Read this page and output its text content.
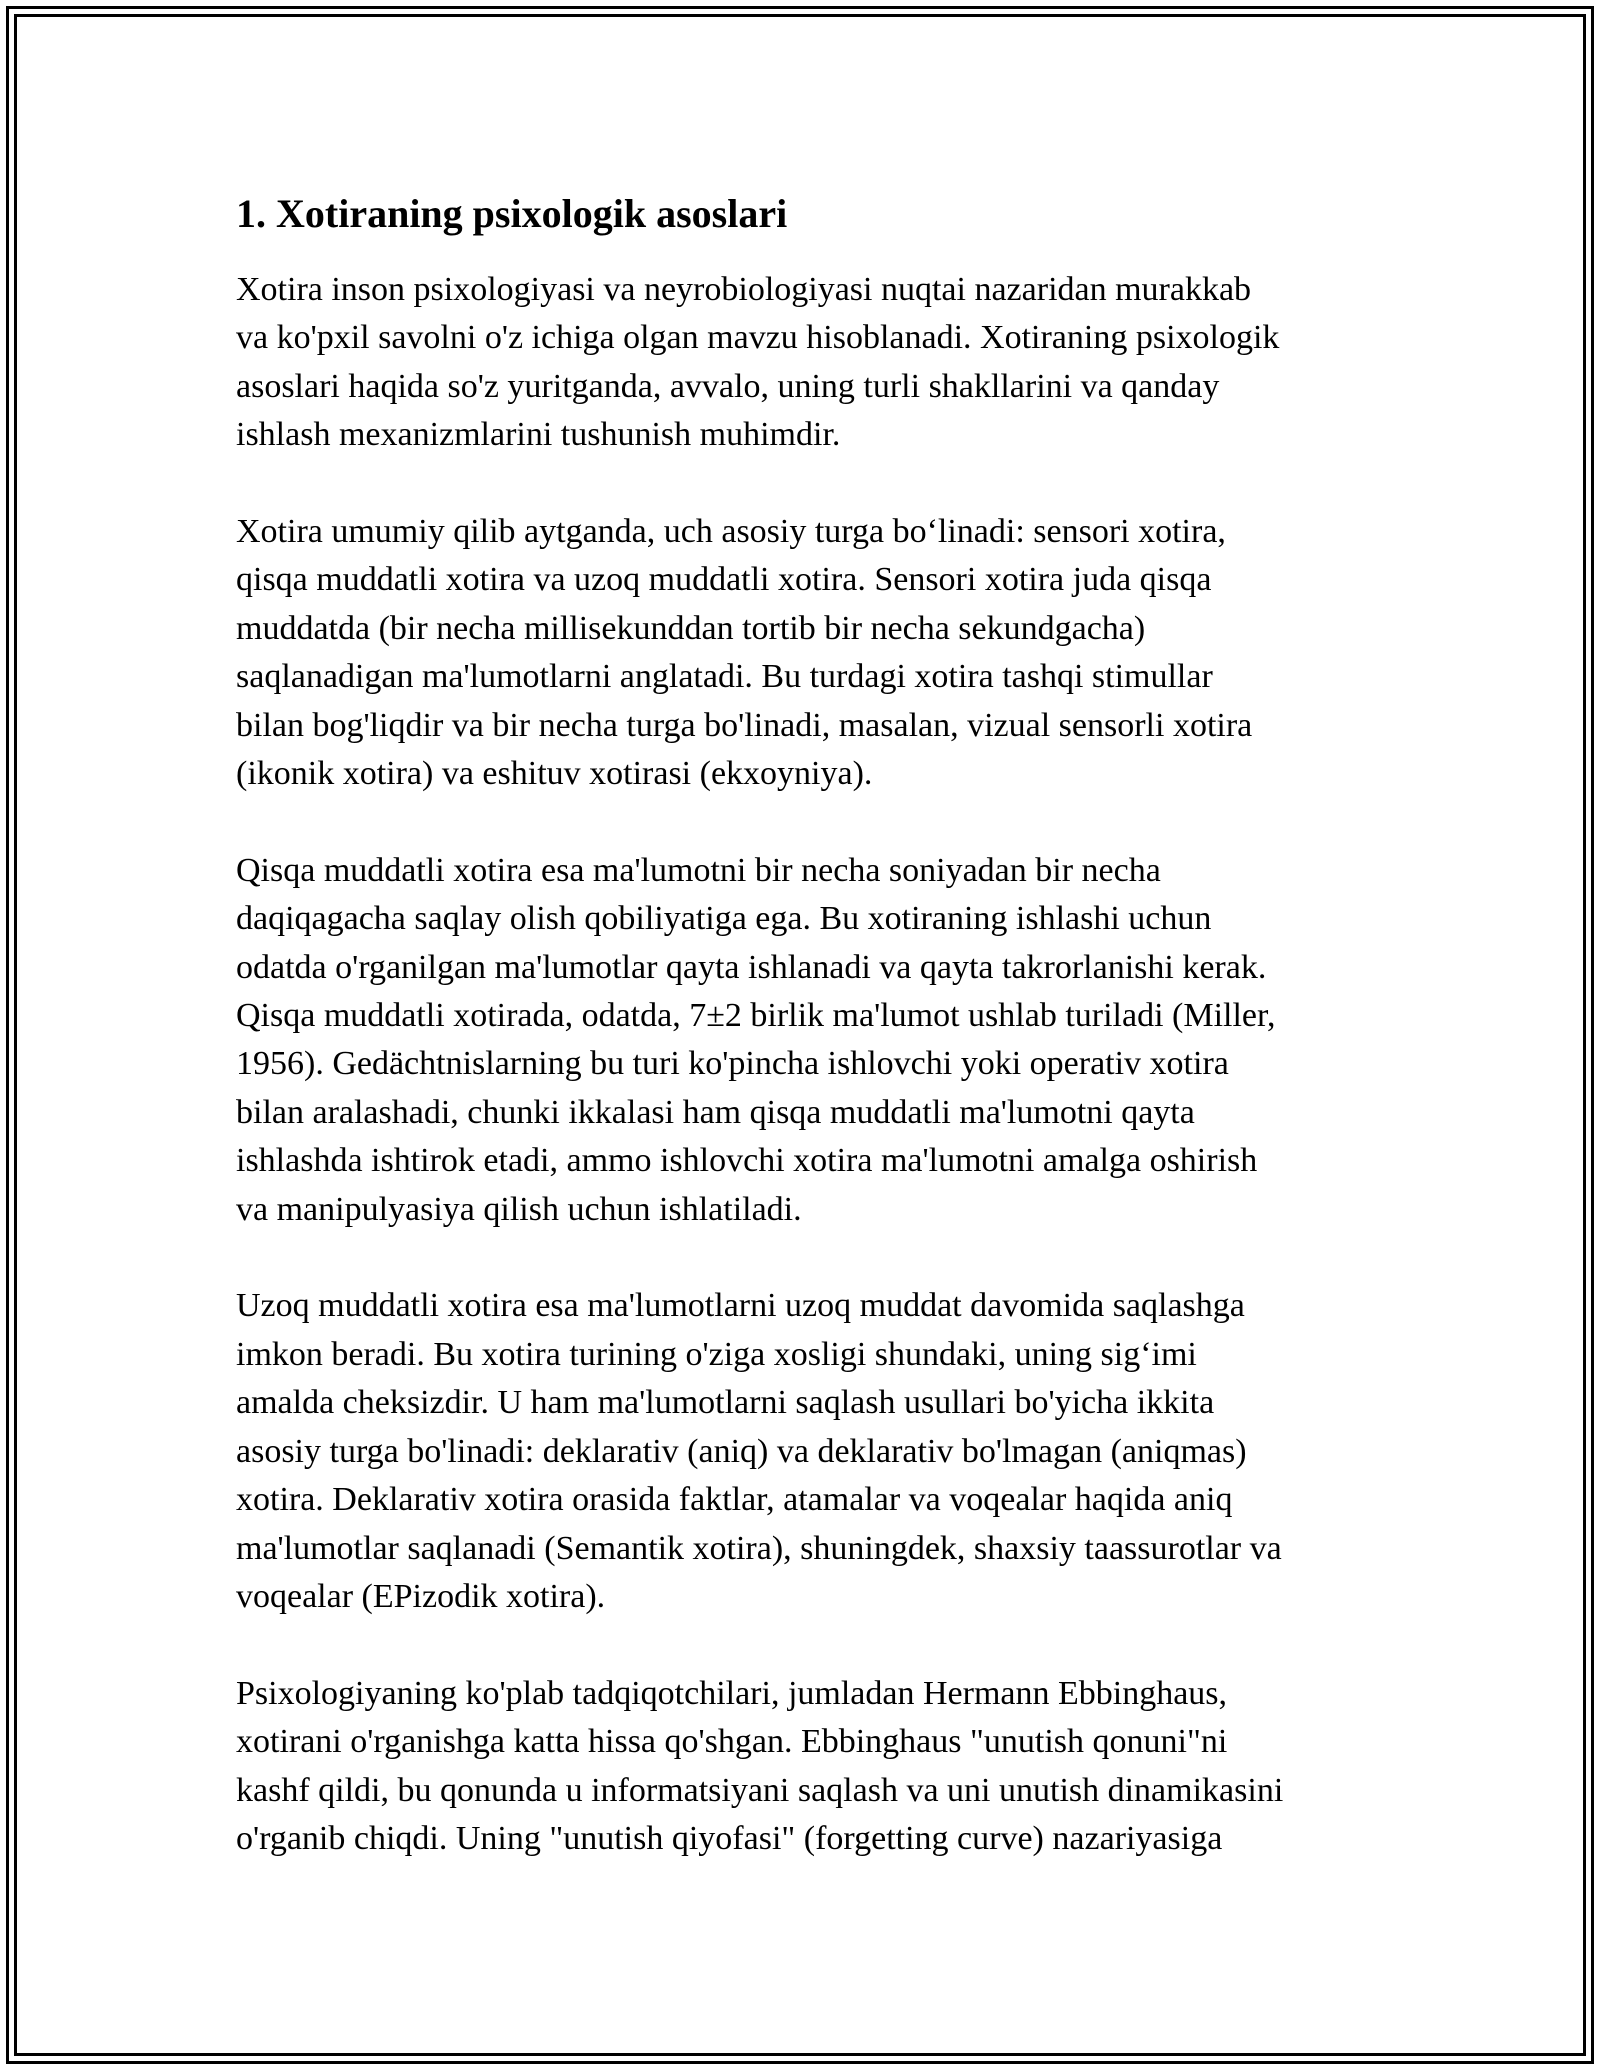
1. Xotiraning psixologik asoslari

Xotira inson psixologiyasi va neyrobiologiyasi nuqtai nazaridan murakkab
va ko'pxil savolni o'z ichiga olgan mavzu hisoblanadi. Xotiraning psixologik
asoslari haqida so'z yuritganda, avvalo, uning turli shakllarini va qanday
ishlash mexanizmlarini tushunish muhimdir.

Xotira umumiy qilib aytganda, uch asosiy turga bo‘linadi: sensori xotira,
qisqa muddatli xotira va uzoq muddatli xotira. Sensori xotira juda qisqa
muddatda (bir necha millisekunddan tortib bir necha sekundgacha)
saqlanadigan ma'lumotlarni anglatadi. Bu turdagi xotira tashqi stimullar
bilan bog'liqdir va bir necha turga bo'linadi, masalan, vizual sensorli xotira
(ikonik xotira) va eshituv xotirasi (ekxoyniya).

Qisqa muddatli xotira esa ma'lumotni bir necha soniyadan bir necha
daqiqagacha saqlay olish qobiliyatiga ega. Bu xotiraning ishlashi uchun
odatda o'rganilgan ma'lumotlar qayta ishlanadi va qayta takrorlanishi kerak.
Qisqa muddatli xotirada, odatda, 7±2 birlik ma'lumot ushlab turiladi (Miller,
1956). Gedächtnislarning bu turi ko'pincha ishlovchi yoki operativ xotira
bilan aralashadi, chunki ikkalasi ham qisqa muddatli ma'lumotni qayta
ishlashda ishtirok etadi, ammo ishlovchi xotira ma'lumotni amalga oshirish
va manipulyasiya qilish uchun ishlatiladi.

Uzoq muddatli xotira esa ma'lumotlarni uzoq muddat davomida saqlashga
imkon beradi. Bu xotira turining o'ziga xosligi shundaki, uning sig‘imi
amalda cheksizdir. U ham ma'lumotlarni saqlash usullari bo'yicha ikkita
asosiy turga bo'linadi: deklarativ (aniq) va deklarativ bo'lmagan (aniqmas)
xotira. Deklarativ xotira orasida faktlar, atamalar va voqealar haqida aniq
ma'lumotlar saqlanadi (Semantik xotira), shuningdek, shaxsiy taassurotlar va
voqealar (EPizodik xotira).

Psixologiyaning ko'plab tadqiqotchilari, jumladan Hermann Ebbinghaus,
xotirani o'rganishga katta hissa qo'shgan. Ebbinghaus "unutish qonuni"ni
kashf qildi, bu qonunda u informatsiyani saqlash va uni unutish dinamikasini
o'rganib chiqdi. Uning "unutish qiyofasi" (forgetting curve) nazariyasiga
